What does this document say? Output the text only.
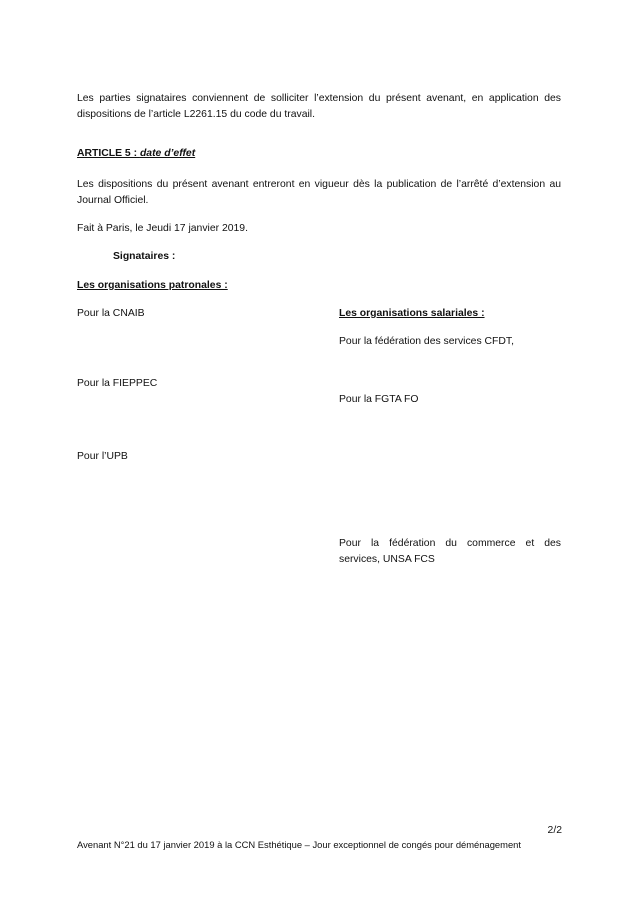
Les parties signataires conviennent de solliciter l’extension du présent avenant, en application des
dispositions de l’article L2261.15 du code du travail.
ARTICLE 5 : date d’effet
Les dispositions du présent avenant entreront en vigueur dès la publication de l’arrêté d’extension au
Journal Officiel.
Fait à Paris, le Jeudi 17 janvier 2019.
Signataires :
Les organisations patronales :
Pour la CNAIB
Pour la FIEPPEC
Pour l’UPB
Les organisations salariales :
Pour la fédération des services CFDT,
Pour la FGTA FO
Pour la fédération du commerce et des
services, UNSA FCS
2/2
Avenant N°21 du 17 janvier 2019 à la CCN Esthétique – Jour exceptionnel de congés pour déménagement
